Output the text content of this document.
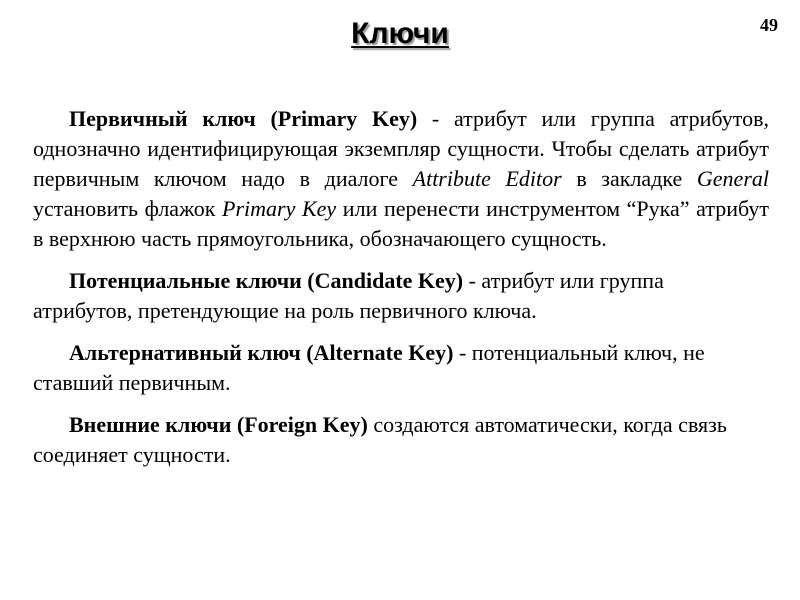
Ключи	49

Первичный ключ (Primary Key) - атрибут или группа атрибутов, однозначно идентифицирующая экземпляр сущности. Чтобы сделать атрибут первичным ключом надо в диалоге Attribute Editor в закладке General установить флажок Primary Key или перенести инструментом “Рука” атрибут в верхнюю часть прямоугольника, обозначающего сущность.

Потенциальные ключи (Candidate Key) - атрибут или группа атрибутов, претендующие на роль первичного ключа.

Альтернативный ключ (Alternate Key) - потенциальный ключ, не ставший первичным.

Внешние ключи (Foreign Key) создаются автоматически, когда связь соединяет сущности.
